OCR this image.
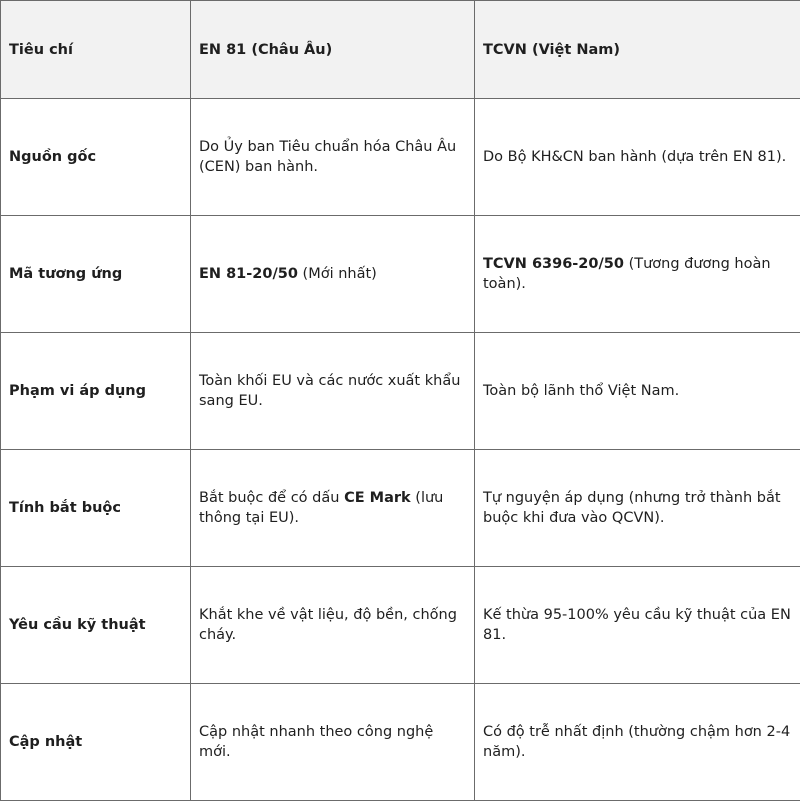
Tiêu chí	EN 81 (Châu Âu)	TCVN (Việt Nam)
Nguồn gốc	Do Ủy ban Tiêu chuẩn hóa Châu Âu (CEN) ban hành.	Do Bộ KH&CN ban hành (dựa trên EN 81).
Mã tương ứng	EN 81-20/50 (Mới nhất)	TCVN 6396-20/50 (Tương đương hoàn toàn).
Phạm vi áp dụng	Toàn khối EU và các nước xuất khẩu sang EU.	Toàn bộ lãnh thổ Việt Nam.
Tính bắt buộc	Bắt buộc để có dấu CE Mark (lưu thông tại EU).	Tự nguyện áp dụng (nhưng trở thành bắt buộc khi đưa vào QCVN).
Yêu cầu kỹ thuật	Khắt khe về vật liệu, độ bền, chống cháy.	Kế thừa 95-100% yêu cầu kỹ thuật của EN 81.
Cập nhật	Cập nhật nhanh theo công nghệ mới.	Có độ trễ nhất định (thường chậm hơn 2-4 năm).
